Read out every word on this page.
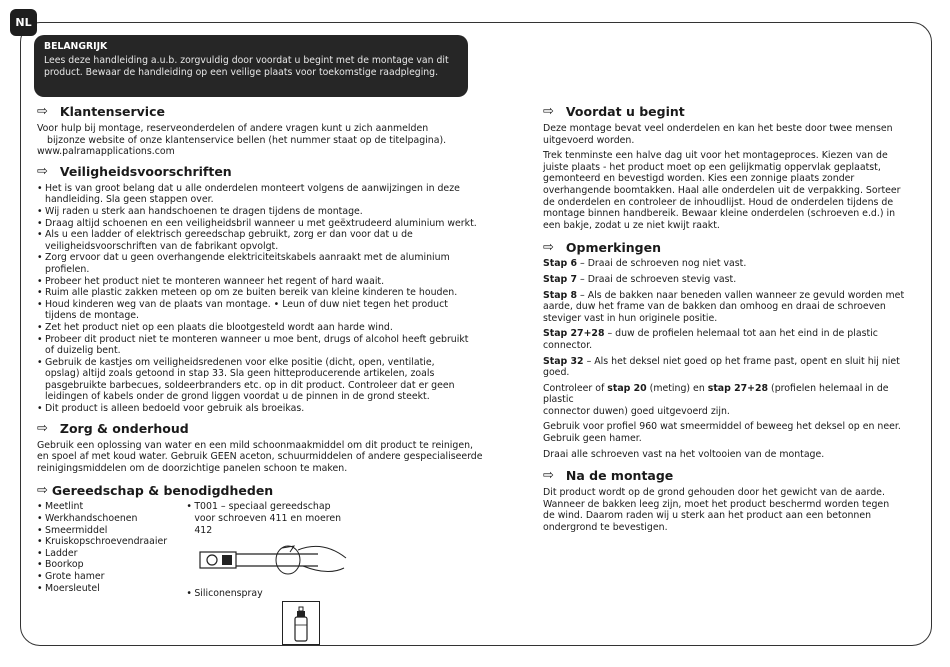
NL
BELANGRIJK
Lees deze handleiding a.u.b. zorgvuldig door voordat u begint met de montage van dit
product. Bewaar de handleiding op een veilige plaats voor toekomstige raadpleging.
⇨ Klantenservice

Voor hulp bij montage, reserveonderdelen of andere vragen kunt u zich aanmelden

bijzonze website of onze klantenservice bellen (het nummer staat op de titelpagina).

www.palramapplications.com

⇨ Veiligheidsvoorschriften
• Het is van groot belang dat u alle onderdelen monteert volgens de aanwijzingen in deze
handleiding. Sla geen stappen over.
• Wij raden u sterk aan handschoenen te dragen tijdens de montage.
• Draag altijd schoenen en een veiligheidsbril wanneer u met geëxtrudeerd aluminium werkt.
• Als u een ladder of elektrisch gereedschap gebruikt, zorg er dan voor dat u de
veiligheidsvoorschriften van de fabrikant opvolgt.
• Zorg ervoor dat u geen overhangende elektriciteitskabels aanraakt met de aluminium
profielen.
• Probeer het product niet te monteren wanneer het regent of hard waait.
• Ruim alle plastic zakken meteen op om ze buiten bereik van kleine kinderen te houden.
• Houd kinderen weg van de plaats van montage. • Leun of duw niet tegen het product
tijdens de montage.
• Zet het product niet op een plaats die blootgesteld wordt aan harde wind.
• Probeer dit product niet te monteren wanneer u moe bent, drugs of alcohol heeft gebruikt
of duizelig bent.
• Gebruik de kastjes om veiligheidsredenen voor elke positie (dicht, open, ventilatie,
opslag) altijd zoals getoond in stap 33. Sla geen hitteproducerende artikelen, zoals
pasgebruikte barbecues, soldeerbranders etc. op in dit product. Controleer dat er geen
leidingen of kabels onder de grond liggen voordat u de pinnen in de grond steekt.
• Dit product is alleen bedoeld voor gebruik als broeikas.
⇨ Zorg & onderhoud

Gebruik een oplossing van water en een mild schoonmaakmiddel om dit product te reinigen,

en spoel af met koud water. Gebruik GEEN aceton, schuurmiddelen of andere gespecialiseerde

reinigingsmiddelen om de doorzichtige panelen schoon te maken.

⇨ Gereedschap & benodigdheden
• Meetlint
• Werkhandschoenen
• Smeermiddel
• Kruiskopschroevendraaier
• Ladder
• Boorkop
• Grote hamer
• Moersleutel
• T001 – speciaal gereedschap voor schroeven 411 en moeren 412
• Siliconenspray
⇨ Voordat u begint

Deze montage bevat veel onderdelen en kan het beste door twee mensen

uitgevoerd worden.

Trek tenminste een halve dag uit voor het montageproces. Kiezen van de

juiste plaats - het product moet op een gelijkmatig oppervlak geplaatst,

gemonteerd en bevestigd worden. Kies een zonnige plaats zonder

overhangende boomtakken. Haal alle onderdelen uit de verpakking. Sorteer

de onderdelen en controleer de inhoudlijst. Houd de onderdelen tijdens de

montage binnen handbereik. Bewaar kleine onderdelen (schroeven e.d.) in

een bakje, zodat u ze niet kwijt raakt.

⇨ Opmerkingen

Stap 6 – Draai de schroeven nog niet vast.

Stap 7 – Draai de schroeven stevig vast.

Stap 8 – Als de bakken naar beneden vallen wanneer ze gevuld worden met

aarde, duw het frame van de bakken dan omhoog en draai de schroeven

steviger vast in hun originele positie.

Stap 27+28 – duw de profielen helemaal tot aan het eind in de plastic

connector.

Stap 32 – Als het deksel niet goed op het frame past, opent en sluit hij niet

goed.

Controleer of stap 20 (meting) en stap 27+28 (profielen helemaal in de plastic

connector duwen) goed uitgevoerd zijn.

Gebruik voor profiel 960 wat smeermiddel of beweeg het deksel op en neer.

Gebruik geen hamer.

Draai alle schroeven vast na het voltooien van de montage.

⇨ Na de montage

Dit product wordt op de grond gehouden door het gewicht van de aarde.

Wanneer de bakken leeg zijn, moet het product beschermd worden tegen

de wind. Daarom raden wij u sterk aan het product aan een betonnen

ondergrond te bevestigen.
